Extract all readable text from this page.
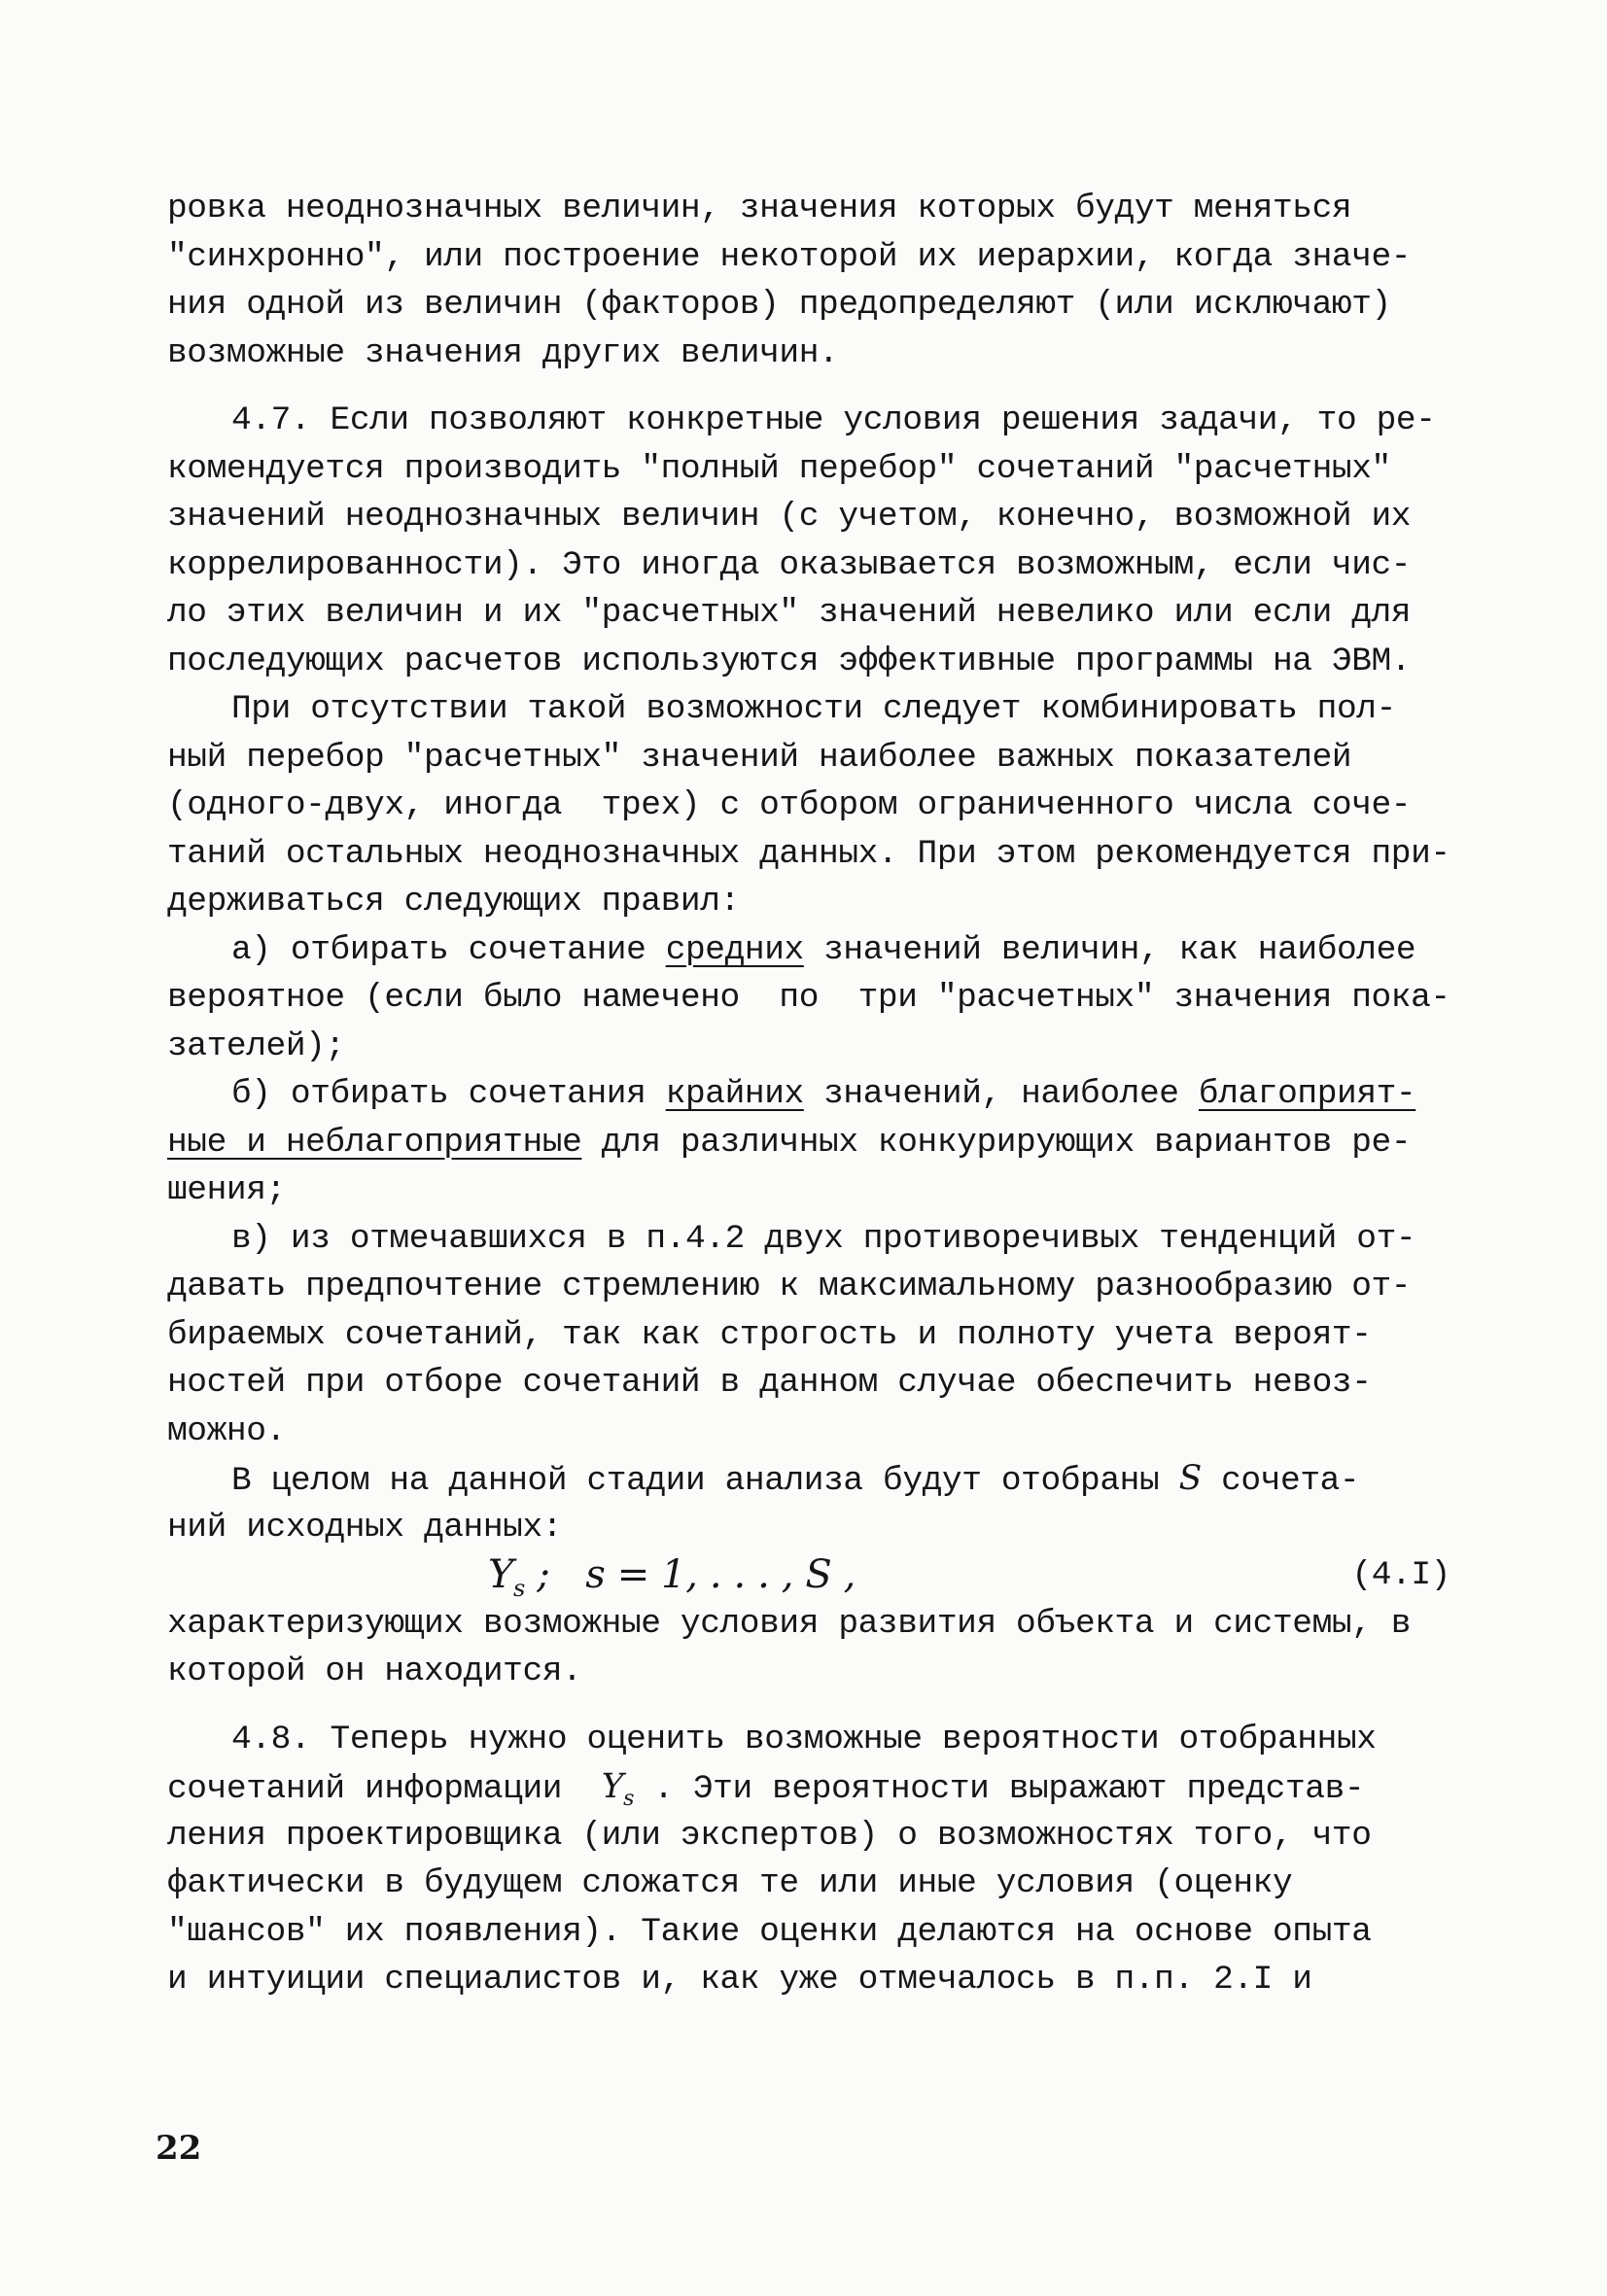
ровка неоднозначных величин, значения которых будут меняться
"синхронно", или построение некоторой их иерархии, когда значе-
ния одной из величин (факторов) предопределяют (или исключают)
возможные значения других величин.
4.7. Если позволяют конкретные условия решения задачи, то ре-
комендуется производить "полный перебор" сочетаний "расчетных"
значений неоднозначных величин (с учетом, конечно, возможной их
коррелированности). Это иногда оказывается возможным, если чис-
ло этих величин и их "расчетных" значений невелико или если для
последующих расчетов используются эффективные программы на ЭВМ.
При отсутствии такой возможности следует комбинировать пол-
ный перебор "расчетных" значений наиболее важных показателей
(одного-двух, иногда  трех) с отбором ограниченного числа соче-
таний остальных неоднозначных данных. При этом рекомендуется при-
держиваться следующих правил:
а) отбирать сочетание средних значений величин, как наиболее
вероятное (если было намечено  по  три "расчетных" значения пока-
зателей);
б) отбирать сочетания крайних значений, наиболее благоприят-
ные и неблагоприятные для различных конкурирующих вариантов ре-
шения;
в) из отмечавшихся в п.4.2 двух противоречивых тенденций от-
давать предпочтение стремлению к максимальному разнообразию от-
бираемых сочетаний, так как строгость и полноту учета вероят-
ностей при отборе сочетаний в данном случае обеспечить невоз-
можно.
В целом на данной стадии анализа будут отобраны S сочета-
ний исходных данных:

$Y_s$ ;   s = 1, . . . , S ,

	(4.I)

характеризующих возможные условия развития объекта и системы, в
которой он находится.
4.8. Теперь нужно оценить возможные вероятности отобранных
сочетаний информации  $Y_s$ . Эти вероятности выражают представ-
ления проектировщика (или экспертов) о возможностях того, что
фактически в будущем сложатся те или иные условия (оценку
"шансов" их появления). Такие оценки делаются на основе опыта
и интуиции специалистов и, как уже отмечалось в п.п. 2.I и
22
